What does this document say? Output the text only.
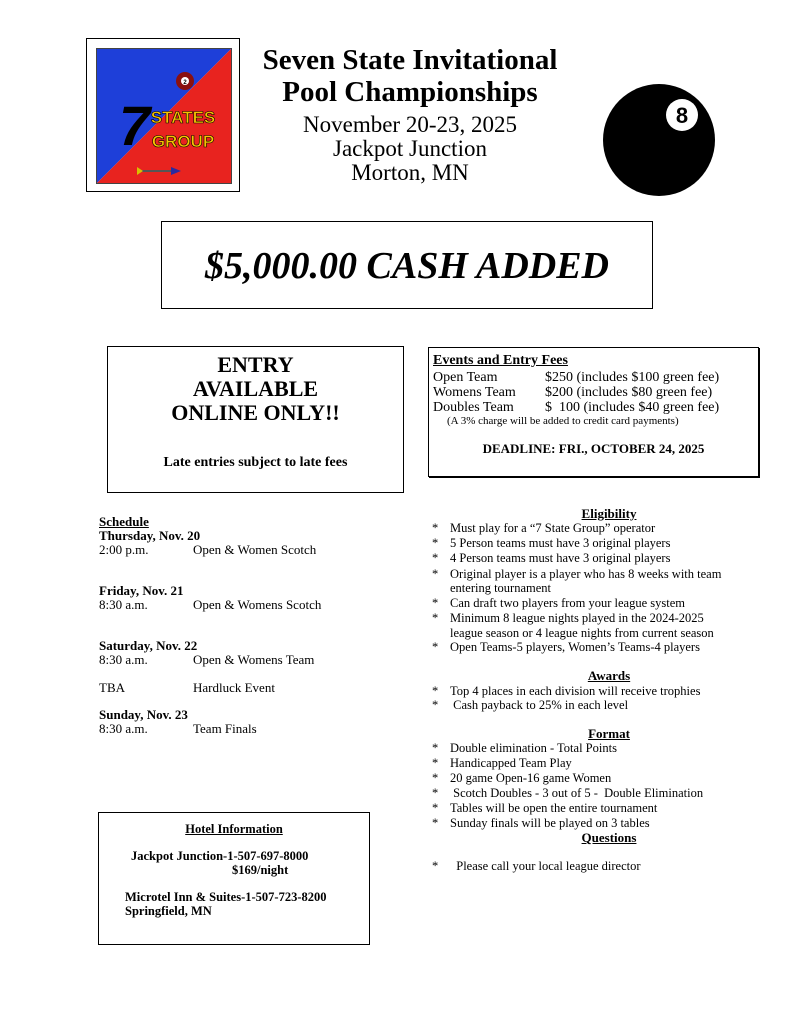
2
7 STATES
GROUP
Seven State Invitational
Pool Championships
November 20-23, 2025
Jackpot Junction
Morton, MN
8
$5,000.00 CASH ADDED
ENTRY
AVAILABLE
ONLINE ONLY!!
Late entries subject to late fees
Events and Entry Fees
Open Team	$250 (includes $100 green fee)
Womens Team $200 (includes $80 green fee)
Doubles Team $  100 (includes $40 green fee)
(A 3% charge will be added to credit card payments)
DEADLINE: FRI., OCTOBER 24, 2025
Schedule
Thursday, Nov. 20
2:00 p.m.	Open & Women Scotch
Friday, Nov. 21
8:30 a.m.	Open & Womens Scotch
Saturday, Nov. 22
8:30 a.m.	Open & Womens Team
TBA	Hardluck Event
Sunday, Nov. 23
8:30 a.m.	Team Finals
Hotel Information
Jackpot Junction-1-507-697-8000
$169/night
Microtel Inn & Suites-1-507-723-8200
Springfield, MN
Eligibility
* Must play for a “7 State Group” operator
* 5 Person teams must have 3 original players
* 4 Person teams must have 3 original players
* Original player is a player who has 8 weeks with team
entering tournament
* Can draft two players from your league system
* Minimum 8 league nights played in the 2024-2025
league season or 4 league nights from current season
* Open Teams-5 players, Women’s Teams-4 players
Awards
* Top 4 places in each division will receive trophies
* Cash payback to 25% in each level
Format
* Double elimination - Total Points
* Handicapped Team Play
* 20 game Open-16 game Women
* Scotch Doubles - 3 out of 5 -  Double Elimination
* Tables will be open the entire tournament
* Sunday finals will be played on 3 tables
Questions
*  Please call your local league director
